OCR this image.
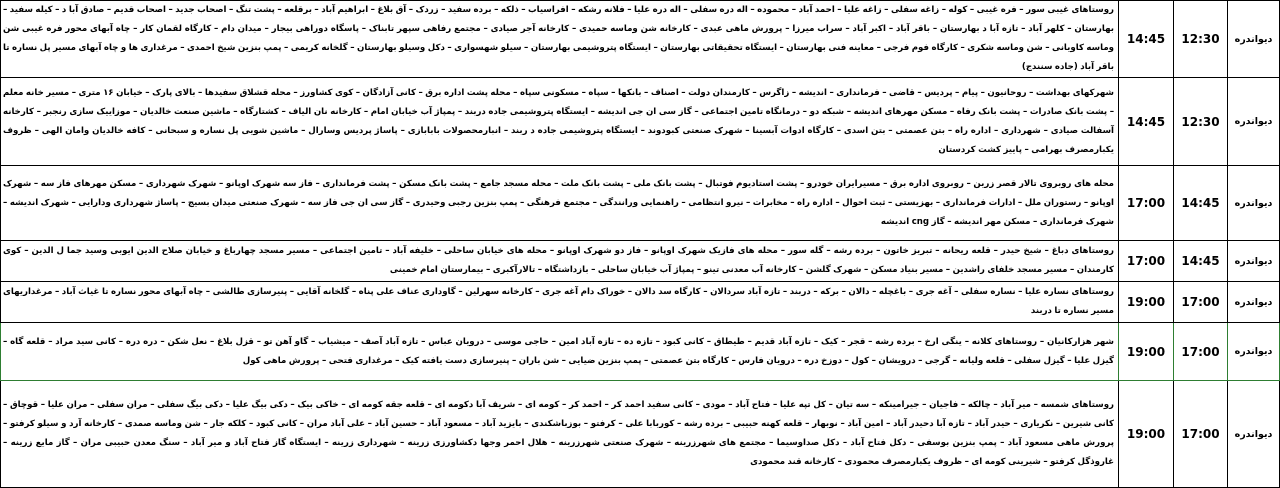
دیواندره	12:30	14:45	روستاهای غیبی سور – فره غیبی – کوله – زاغه سفلی – زاغه علیا – احمد آباد – محموده – اله دره سفلی – اله دره علیا – فلانه رشکه – افراسیاب – ذلکه – برده سفید – زردک – آق بلاغ – ابراهیم آباد – برقلعه – پشت تنگ – اصحاب جدید – اصحاب قدیم – صادق آبا د – کیله سفید – بهارستان – کلهر آباد – تازه آبا د بهارستان – باقر آباد – اکبر آباد – سراب میرزا – پرورش ماهی عبدی – کارخانه شن وماسه حمیدی – کارخانه آجر صیادی – مجتمع رفاهی سپهر تابناک – پاسگاه دوراهی بیجار – میدان دام – کارگاه لقمان کار – چاه آبهای محور فره غیبی شن وماسه کاویانی – شن وماسه شکری – کارگاه فوم فرجی – معاینه فنی بهارستان – ایستگاه تحقیقاتی بهارستان – ایستگاه پتروشیمی بهارستان – سیلو شهسواری – دکل وسیلو بهارستان – گلخانه کریمی – پمپ بنزین شیخ احمدی – مرغداری ها و چاه آبهای مسیر پل نساره تا باقر آباد (جاده سنندج)

دیواندره	12:30	14:45	شهرکهای بهداشت – روحانیون – پیام – پردیس – قاضی – فرمانداری – اندیشه – زاگرس – کارمندان دولت – اصناف – بانکها – سپاه – مسکونی سپاه – محله پشت اداره برق – کانی آزادگان – کوی کشاورز – محله قشلاق سفیدها – بالای پارک – خیابان ۱۶ متری – مسیر خانه معلم – پشت بانک صادرات – پشت بانک رفاه – مسکن مهرهای اندیشه – شبکه دو – درمانگاه تامین اجتماعی – گاز سی ان جی اندیشه – ایستگاه پتروشیمی جاده دربند – پمپاژ آب خیابان امام – کارخانه نان الیاف – کشتارگاه – ماشین صنعت خالدیان – موزاییک سازی رنجبر – کارخانه آسفالت صیادی – شهرداری – اداره راه – بتن عصمتی – بتن اسدی – کارگاه ادوات آبسینا – شهرک صنعتی کبودوند – ایستگاه پتروشیمی جاده د ربند – انبارمحصولات بابابازی – پاساژ پردیس وسارال – ماشین شویی پل نساره و سبحانی – کافه خالدیان وامان الهی – ظروف یکبارمصرف بهرامی – پاییز کشت کردستان

دیواندره	14:45	17:00	محله های روبروی تالار قصر زرین – روبروی اداره برق – مسیرایران خودرو – پشت استادیوم فوتبال – پشت بانک ملی – پشت بانک ملت – محله مسجد جامع – پشت بانک مسکن – پشت فرمانداری – فاز سه شهرک اوپانو – شهرک شهرداری – مسکن مهرهای فاز سه – شهرک اوپانو – رستوران ملل – ادارات فرمانداری – بهزیستی – ثبت احوال – اداره راه – مخابرات – نیرو انتظامی – راهنمایی ورانندگی – مجتمع فرهنگی – پمپ بنزین رجبی وحیدری – گاز سی ان جی فاز سه – شهرک صنعتی میدان بسیج – پاساژ شهرداری ودارایی – شهرک اندیشه – شهرک فرمانداری – مسکن مهر اندیشه – گاز cng اندیشه

دیواندره	14:45	17:00	روستاهای دباغ – شیخ حیدر – قلعه ریحانه – تبریز خاتون – برده رشه – گله سور – محله های فازیک شهرک اوپانو – فاز دو شهرک اوپانو – محله های خیابان ساحلی – خلیفه آباد – تامین اجتماعی – مسیر مسجد چهارباغ و خیابان صلاح الدین ایوبی وسید جما ل الدین – کوی کارمندان – مسیر مسجد خلفای راشدین – مسیر بنیاد مسکن – شهرک گلشن – کارخانه آب معدنی تینو – پمپاژ آب خیابان ساحلی – بازداشتگاه – تالارآکبری – بیمارستان امام خمینی

دیواندره	17:00	19:00	روستاهای نساره علیا – نساره سفلی – آغه جری – باغچله – دالان – برکه – دربند – تازه آباد سردالان – کارگاه سد دالان – خوراک دام آغه جری – کارخانه سهرلین – گاوداری عناف علی پناه – گلخانه آقایی – پنیرسازی طالشی – چاه آبهای محور نساره تا غیاث آباد – مرغداریهای مسیر نساره تا دربند

دیواندره	17:00	19:00	شهر هزارکانیان – روستاهای کلانه – ینگی ارخ – برده رشه – قجر – کیک – تازه آباد قدیم – طیطاق – کانی کبود – تازه ده – تازه آباد امین – حاجی موسی – درویان عباس – تازه آباد آصف – میشیاب – گاو آهن تو – قزل بلاغ – نعل شکن – دره دره – کانی سید مراد – قلعه گاه – گیزل علیا – گیزل سفلی – قلعه ولیانه – گرجی – درویشان – کول – دوزخ دره – درویان فارس – کارگاه بتن عصمتی – پمپ بنزین ضیایی – شن باران – پنیرسازی دست یافته کیک – مرغداری فتحی – پرورش ماهی کول

دیواندره	17:00	19:00	روستاهای شمسه – میر آباد – چالکه – فاجیان – جیرامینکه – سه تیان – کل تپه علیا – فتاح آباد – مودی – کانی سفید احمد کر – احمد کر – کومه ای – شریف آبا دکومه ای – قلعه جقه کومه ای – خاکی بیک – دکی بیگ علیا – دکی بیگ سفلی – مران سفلی – مران علیا – قوچاق – کانی شیرین – نکریاری – حیدر آباد – تازه آبا دحیدر آباد – امین آباد – نوبهار – قلعه کهنه حبیبی – برده رشه – کوربابا علی – کرفتو – بوزباشکندی – بایزید آباد – مسعود آباد – حسین آباد – علی آباد مران – کانی کبود – کلکه جار – شن وماسه صمدی – کارخانه آرد و سیلو کرفتو – پرورش ماهی مسعود آباد – پمپ بنزین بوسفی – دکل فتاح آباد – دکل صداوسیما – مجتمع های شهرزرینه – شهرک صنعتی شهرزرینه – هلال احمر وجها دکشاورزی زرینه – شهرداری زرینه – ایستگاه گاز فتاح آباد و میر آباد – سنگ معدن حبیبی مران – گاز مایع زرینه – غاروذگل کرفتو – شیرینی کومه ای – ظروف یکبارمصرف محمودی – کارخانه قند محمودی
